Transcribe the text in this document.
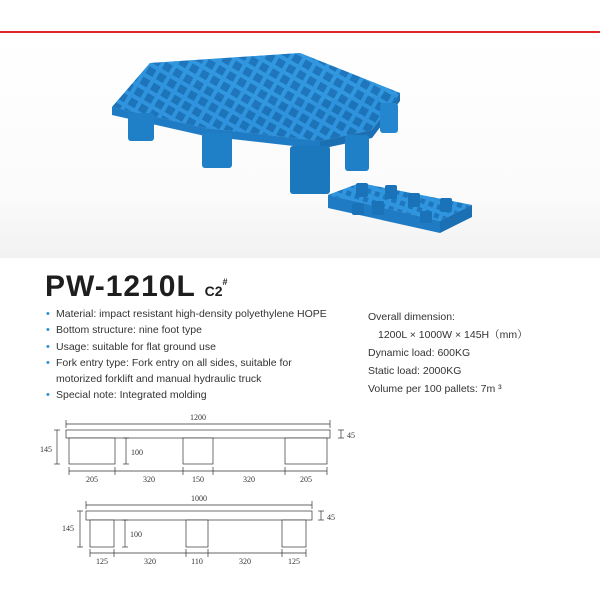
PW-1210L C2#
• Material: impact resistant high-density polyethylene HOPE
• Bottom structure: nine foot type
• Usage: suitable for flat ground use
• Fork entry type: Fork entry on all sides, suitable for
motorized forklift and manual hydraulic truck
• Special note: Integrated molding
Overall dimension:
1200L × 1000W × 145H（mm）
Dynamic load: 600KG
Static load: 2000KG
Volume per 100 pallets: 7m ³
1200
145
45
100
205	320	150	320	205
1000
145
45
100
125	320	110	320	125
